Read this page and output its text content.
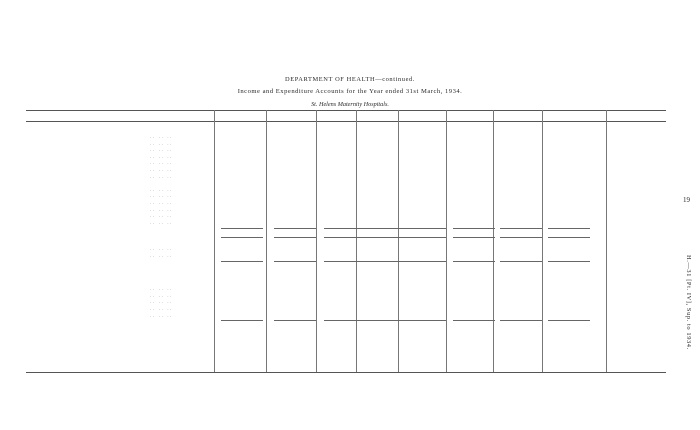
DEPARTMENT OF HEALTH—continued.
Income and Expenditure Accounts for the Year ended 31st March, 1934.
St. Helens Maternity Hospitals.
.. .. ..
.. .. ..
.. .. ..
.. .. ..
.. .. ..
.. .. ..
.. .. ..
.. .. ..
.. .. ..
.. .. ..
.. .. ..
.. .. ..
.. .. ..
.. .. ..
.. .. ..
.. .. ..
.. .. ..
.. .. ..
.. .. ..
.. .. ..
19
H.—31 [Pt. IV], Sup. to 1934.
